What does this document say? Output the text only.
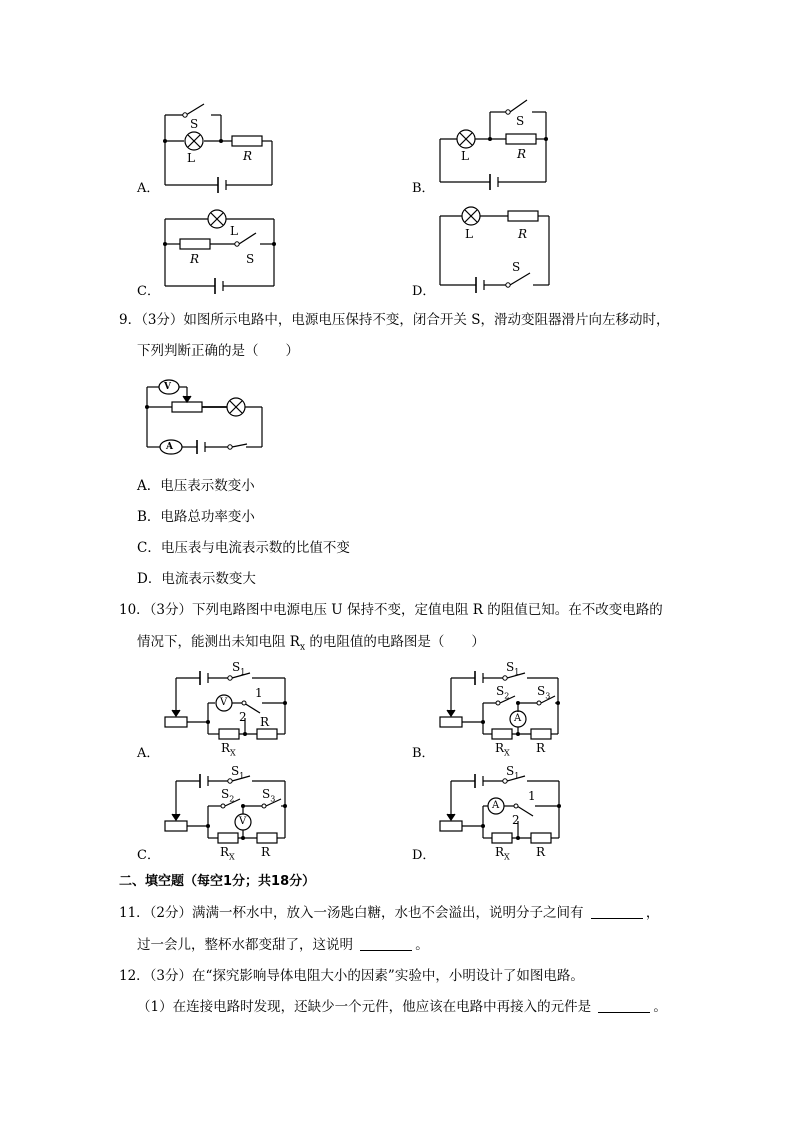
S
L	R
A．
S
L	R
B．
L
R	S
C．
L	R
S
D．
9．（3分）如图所示电路中，电源电压保持不变，闭合开关 S，滑动变阻器滑片向左移动时，
下列判断正确的是（　　）
V
A
A．电压表示数变小
B．电路总功率变小
C．电压表与电流表示数的比值不变
D．电流表示数变大
10．（3分）下列电路图中电源电压 U 保持不变，定值电阻 R 的阻值已知。在不改变电路的
情况下，能测出未知电阻 $R_x$ 的电阻值的电路图是（　　）
$S_1$
V
1
2 R
$R_X$
A．
$S_1$
$S_2$ $S_3$
A
$R_X$ R
B．
$S_1$
$S_2$ $S_3$
V
$R_X$ R
C．
$S_1$
A
1
2
$R_X$ R
D．
二、填空题（每空1分；共18分）
11．（2分）满满一杯水中，放入一汤匙白糖，水也不会溢出，说明分子之间有	，
过一会儿，整杯水都变甜了，这说明	。
12．（3分）在“探究影响导体电阻大小的因素”实验中，小明设计了如图电路。
（1）在连接电路时发现，还缺少一个元件，他应该在电路中再接入的元件是	。
